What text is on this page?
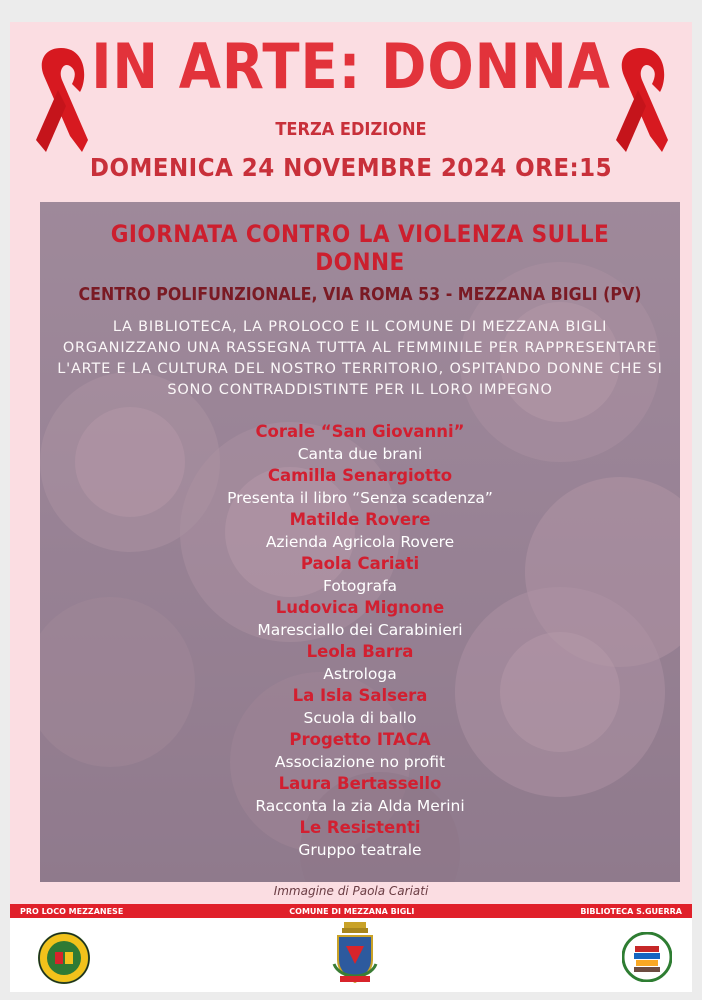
IN ARTE: DONNA
TERZA EDIZIONE
DOMENICA 24 NOVEMBRE 2024 ORE:15
GIORNATA CONTRO LA VIOLENZA SULLE DONNE
CENTRO POLIFUNZIONALE, VIA ROMA 53 - MEZZANA BIGLI (PV)
LA BIBLIOTECA, LA PROLOCO E IL COMUNE DI MEZZANA BIGLI
ORGANIZZANO UNA RASSEGNA TUTTA AL FEMMINILE PER RAPPRESENTARE
L'ARTE E LA CULTURA DEL NOSTRO TERRITORIO, OSPITANDO DONNE CHE SI
SONO CONTRADDISTINTE PER IL LORO IMPEGNO
Corale “San Giovanni”
Canta due brani
Camilla Senargiotto
Presenta il libro “Senza scadenza”
Matilde Rovere
Azienda Agricola Rovere
Paola Cariati
Fotografa
Ludovica Mignone
Maresciallo dei Carabinieri
Leola Barra
Astrologa
La Isla Salsera
Scuola di ballo
Progetto ITACA
Associazione no profit
Laura Bertassello
Racconta la zia Alda Merini
Le Resistenti
Gruppo teatrale
Immagine di Paola Cariati
PRO LOCO MEZZANESE	COMUNE DI MEZZANA BIGLI	BIBLIOTECA S.GUERRA
